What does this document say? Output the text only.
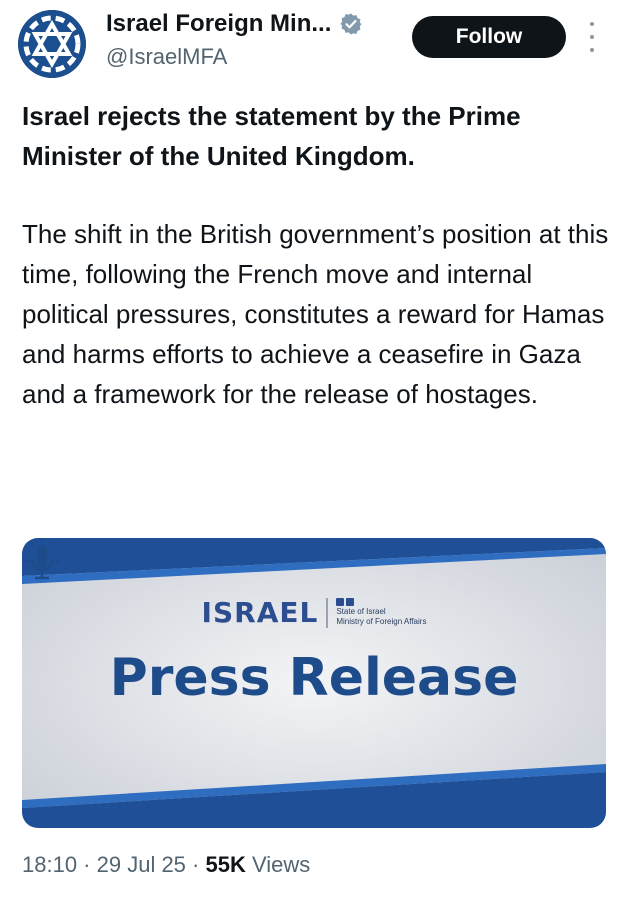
Israel Foreign Min...
@IsraelMFA
Follow

Israel rejects the statement by the Prime Minister of the United Kingdom.

The shift in the British government’s position at this time, following the French move and internal political pressures, constitutes a reward for Hamas and harms efforts to achieve a ceasefire in Gaza and a framework for the release of hostages.

ISRAEL State of Israel
Ministry of Foreign Affairs
Press Release
18:10 · 29 Jul 25 · 55K Views
